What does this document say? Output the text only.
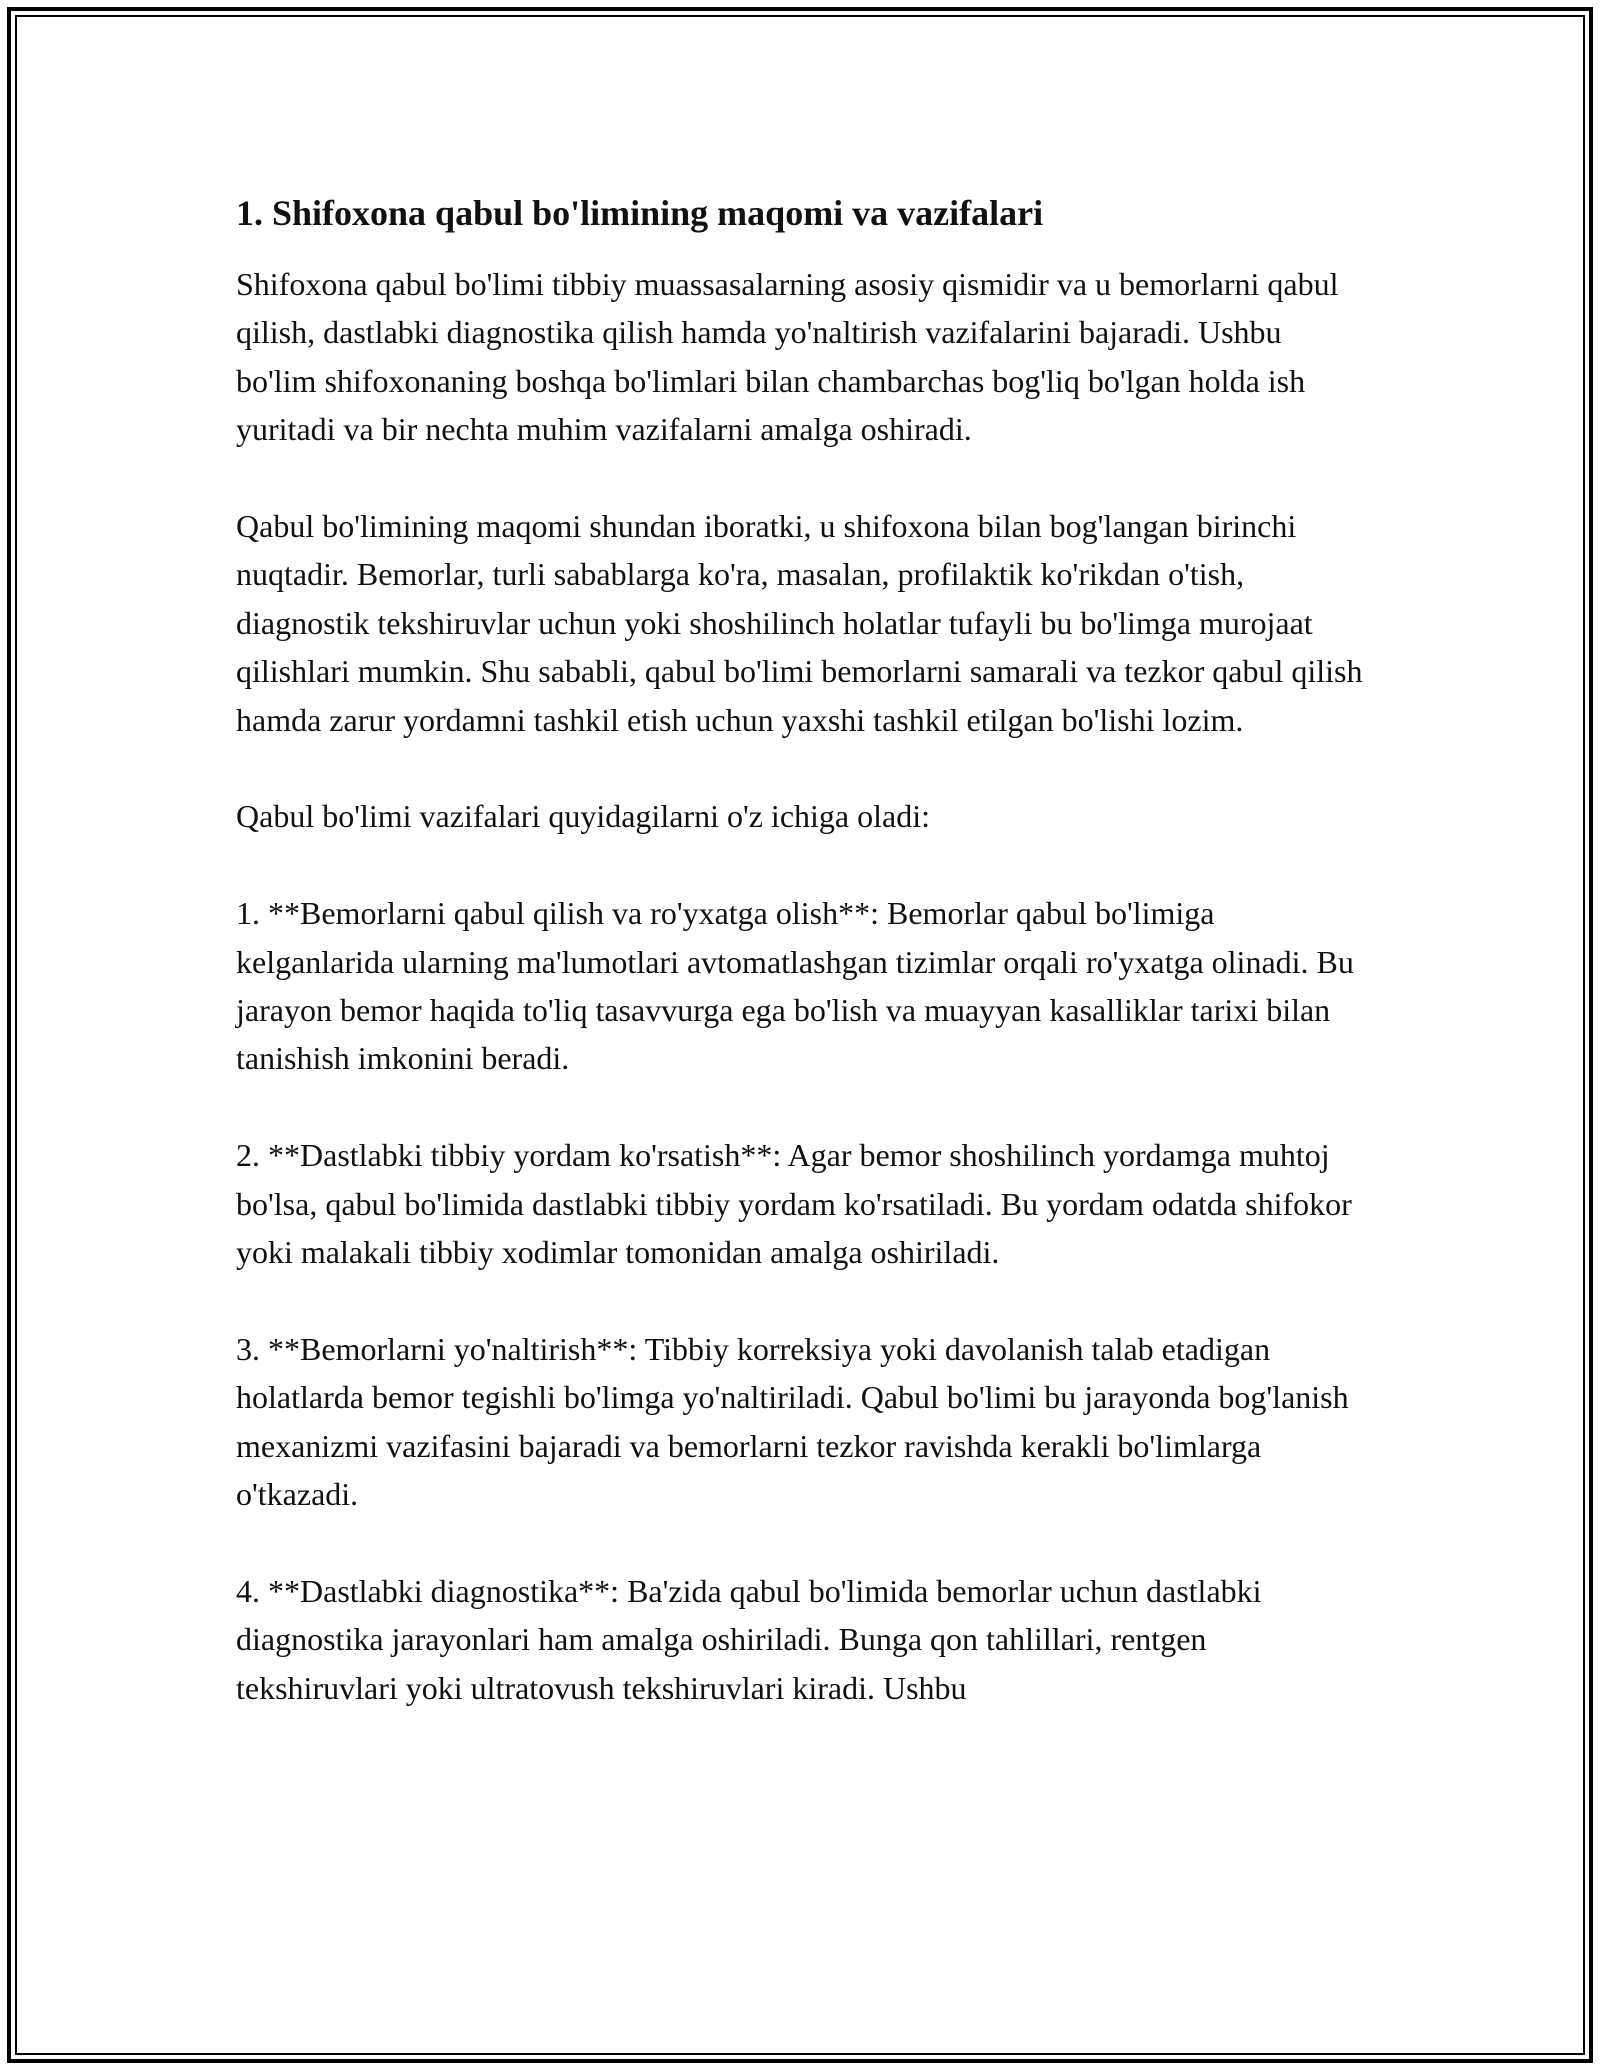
1. Shifoxona qabul bo'limining maqomi va vazifalari

Shifoxona qabul bo'limi tibbiy muassasalarning asosiy qismidir va u bemorlarni qabul qilish, dastlabki diagnostika qilish hamda yo'naltirish vazifalarini bajaradi. Ushbu bo'lim shifoxonaning boshqa bo'limlari bilan chambarchas bog'liq bo'lgan holda ish yuritadi va bir nechta muhim vazifalarni amalga oshiradi.

Qabul bo'limining maqomi shundan iboratki, u shifoxona bilan bog'langan birinchi nuqtadir. Bemorlar, turli sabablarga ko'ra, masalan, profilaktik ko'rikdan o'tish, diagnostik tekshiruvlar uchun yoki shoshilinch holatlar tufayli bu bo'limga murojaat qilishlari mumkin. Shu sababli, qabul bo'limi bemorlarni samarali va tezkor qabul qilish hamda zarur yordamni tashkil etish uchun yaxshi tashkil etilgan bo'lishi lozim.

Qabul bo'limi vazifalari quyidagilarni o'z ichiga oladi:

1. **Bemorlarni qabul qilish va ro'yxatga olish**: Bemorlar qabul bo'limiga kelganlarida ularning ma'lumotlari avtomatlashgan tizimlar orqali ro'yxatga olinadi. Bu jarayon bemor haqida to'liq tasavvurga ega bo'lish va muayyan kasalliklar tarixi bilan tanishish imkonini beradi.

2. **Dastlabki tibbiy yordam ko'rsatish**: Agar bemor shoshilinch yordamga muhtoj bo'lsa, qabul bo'limida dastlabki tibbiy yordam ko'rsatiladi. Bu yordam odatda shifokor yoki malakali tibbiy xodimlar tomonidan amalga oshiriladi.

3. **Bemorlarni yo'naltirish**: Tibbiy korreksiya yoki davolanish talab etadigan holatlarda bemor tegishli bo'limga yo'naltiriladi. Qabul bo'limi bu jarayonda bog'lanish mexanizmi vazifasini bajaradi va bemorlarni tezkor ravishda kerakli bo'limlarga o'tkazadi.

4. **Dastlabki diagnostika**: Ba'zida qabul bo'limida bemorlar uchun dastlabki diagnostika jarayonlari ham amalga oshiriladi. Bunga qon tahlillari, rentgen tekshiruvlari yoki ultratovush tekshiruvlari kiradi. Ushbu
